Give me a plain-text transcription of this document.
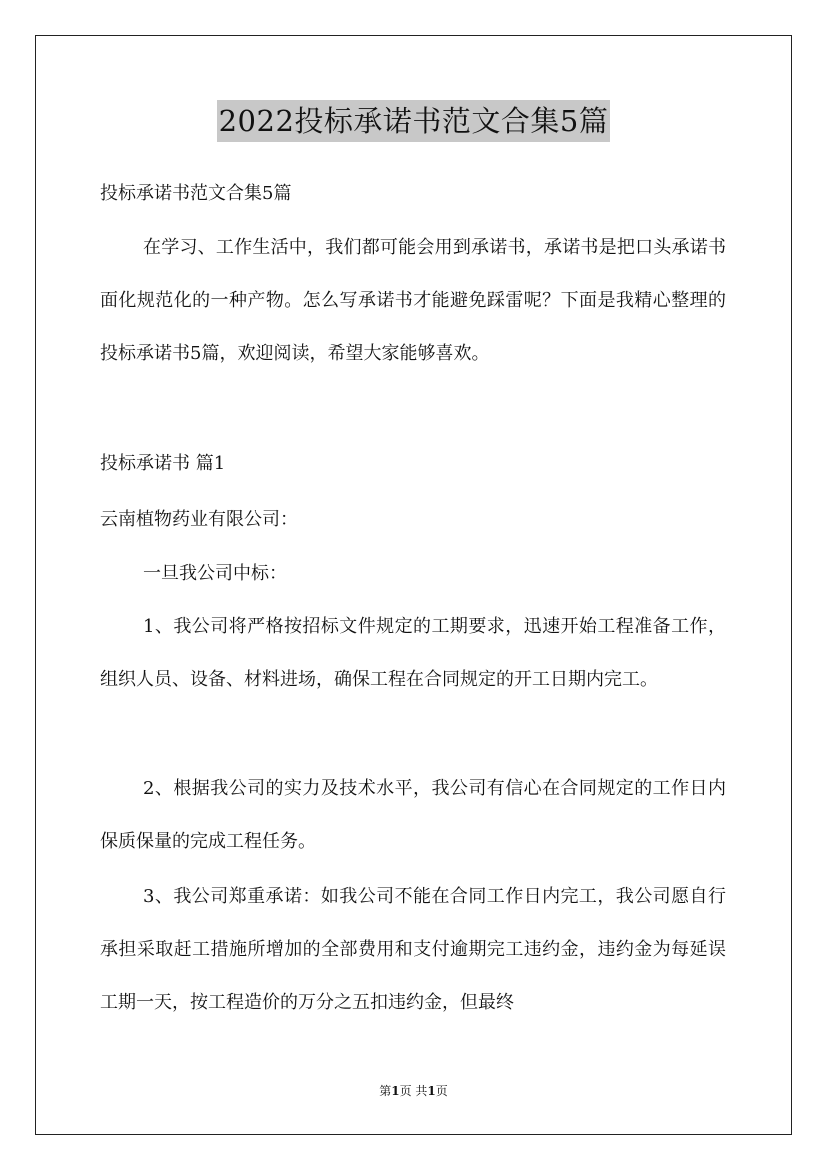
2022投标承诺书范文合集5篇
投标承诺书范文合集5篇
在学习、工作生活中，我们都可能会用到承诺书，承诺书是把口头承诺书面化规范化的一种产物。怎么写承诺书才能避免踩雷呢？下面是我精心整理的投标承诺书5篇，欢迎阅读，希望大家能够喜欢。
投标承诺书 篇1
云南植物药业有限公司：
一旦我公司中标：
1、我公司将严格按招标文件规定的工期要求，迅速开始工程准备工作，组织人员、设备、材料进场，确保工程在合同规定的开工日期内完工。
2、根据我公司的实力及技术水平，我公司有信心在合同规定的工作日内保质保量的完成工程任务。
3、我公司郑重承诺：如我公司不能在合同工作日内完工，我公司愿自行承担采取赶工措施所增加的全部费用和支付逾期完工违约金，违约金为每延误工期一天，按工程造价的万分之五扣违约金，但最终
第1页 共1页
